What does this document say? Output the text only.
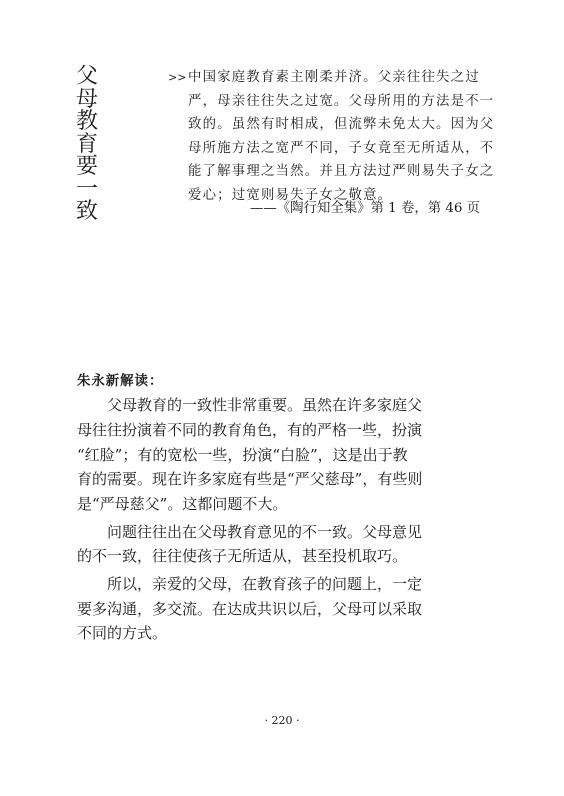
父
母
教
育
要
一
致
>> 中国家庭教育素主刚柔并济。父亲往往失之过
严，母亲往往失之过宽。父母所用的方法是不一
致的。虽然有时相成，但流弊未免太大。因为父
母所施方法之宽严不同，子女竟至无所适从，不
能了解事理之当然。并且方法过严则易失子女之
爱心；过宽则易失子女之敬意。
——《陶行知全集》第 1 卷，第 46 页
朱永新解读：

父母教育的一致性非常重要。虽然在许多家庭父
母往往扮演着不同的教育角色，有的严格一些，扮演
“红脸”；有的宽松一些，扮演“白脸”，这是出于教
育的需要。现在许多家庭有些是“严父慈母”，有些则
是“严母慈父”。这都问题不大。

问题往往出在父母教育意见的不一致。父母意见
的不一致，往往使孩子无所适从，甚至投机取巧。

所以，亲爱的父母，在教育孩子的问题上，一定
要多沟通，多交流。在达成共识以后，父母可以采取
不同的方式。

· 220 ·
